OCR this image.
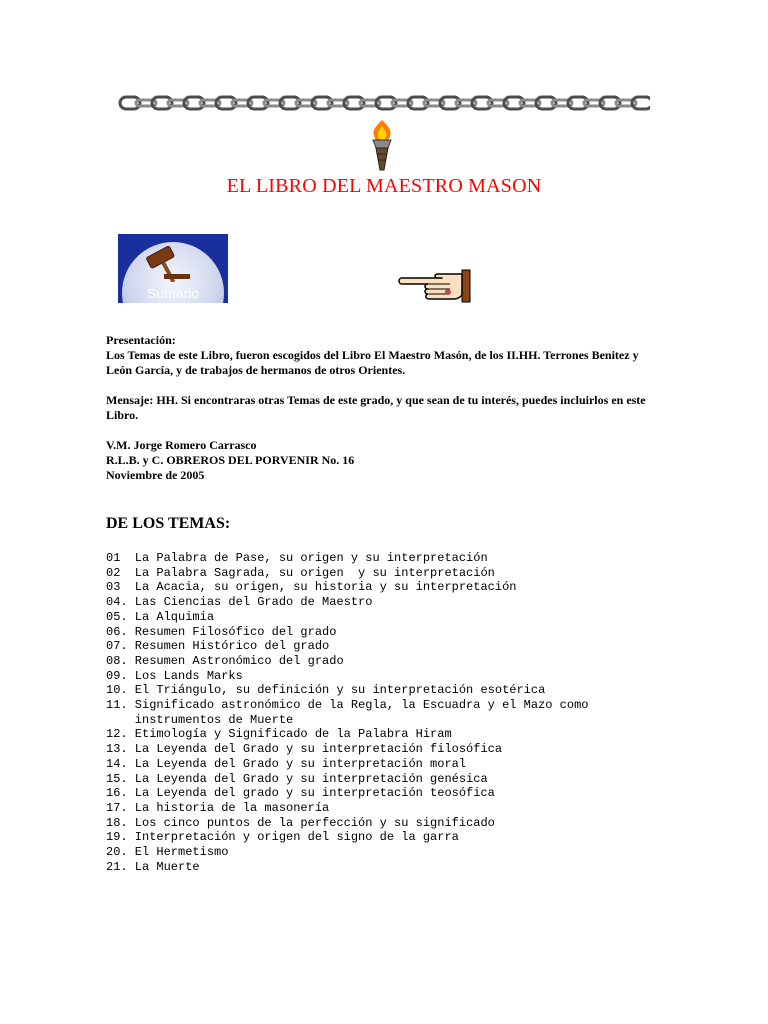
EL LIBRO DEL MAESTRO MASON
Sumario

Presentación:

Los Temas de este Libro, fueron escogidos del Libro El Maestro Masón, de los II.HH. Terrones Benitez y León García, y de trabajos de hermanos de otros Orientes.

Mensaje: HH. Si encontraras otras Temas de este grado, y que sean de tu interés, puedes incluirlos en este Libro.

V.M. Jorge Romero Carrasco

R.L.B. y C. OBREROS DEL PORVENIR No. 16

Noviembre de 2005

DE LOS TEMAS:
01  La Palabra de Pase, su origen y su interpretación
02  La Palabra Sagrada, su origen  y su interpretación
03  La Acacia, su origen, su historia y su interpretación
04. Las Ciencias del Grado de Maestro
05. La Alquimia
06. Resumen Filosófico del grado
07. Resumen Histórico del grado
08. Resumen Astronómico del grado
09. Los Lands Marks
10. El Triángulo, su definición y su interpretación esotérica
11. Significado astronómico de la Regla, la Escuadra y el Mazo como
instrumentos de Muerte
12. Etimología y Significado de la Palabra Hiram
13. La Leyenda del Grado y su interpretación filosófica
14. La Leyenda del Grado y su interpretación moral
15. La Leyenda del Grado y su interpretación genésica
16. La Leyenda del grado y su interpretación teosófica
17. La historia de la masonería
18. Los cinco puntos de la perfección y su significado
19. Interpretación y origen del signo de la garra
20. El Hermetismo
21. La Muerte
